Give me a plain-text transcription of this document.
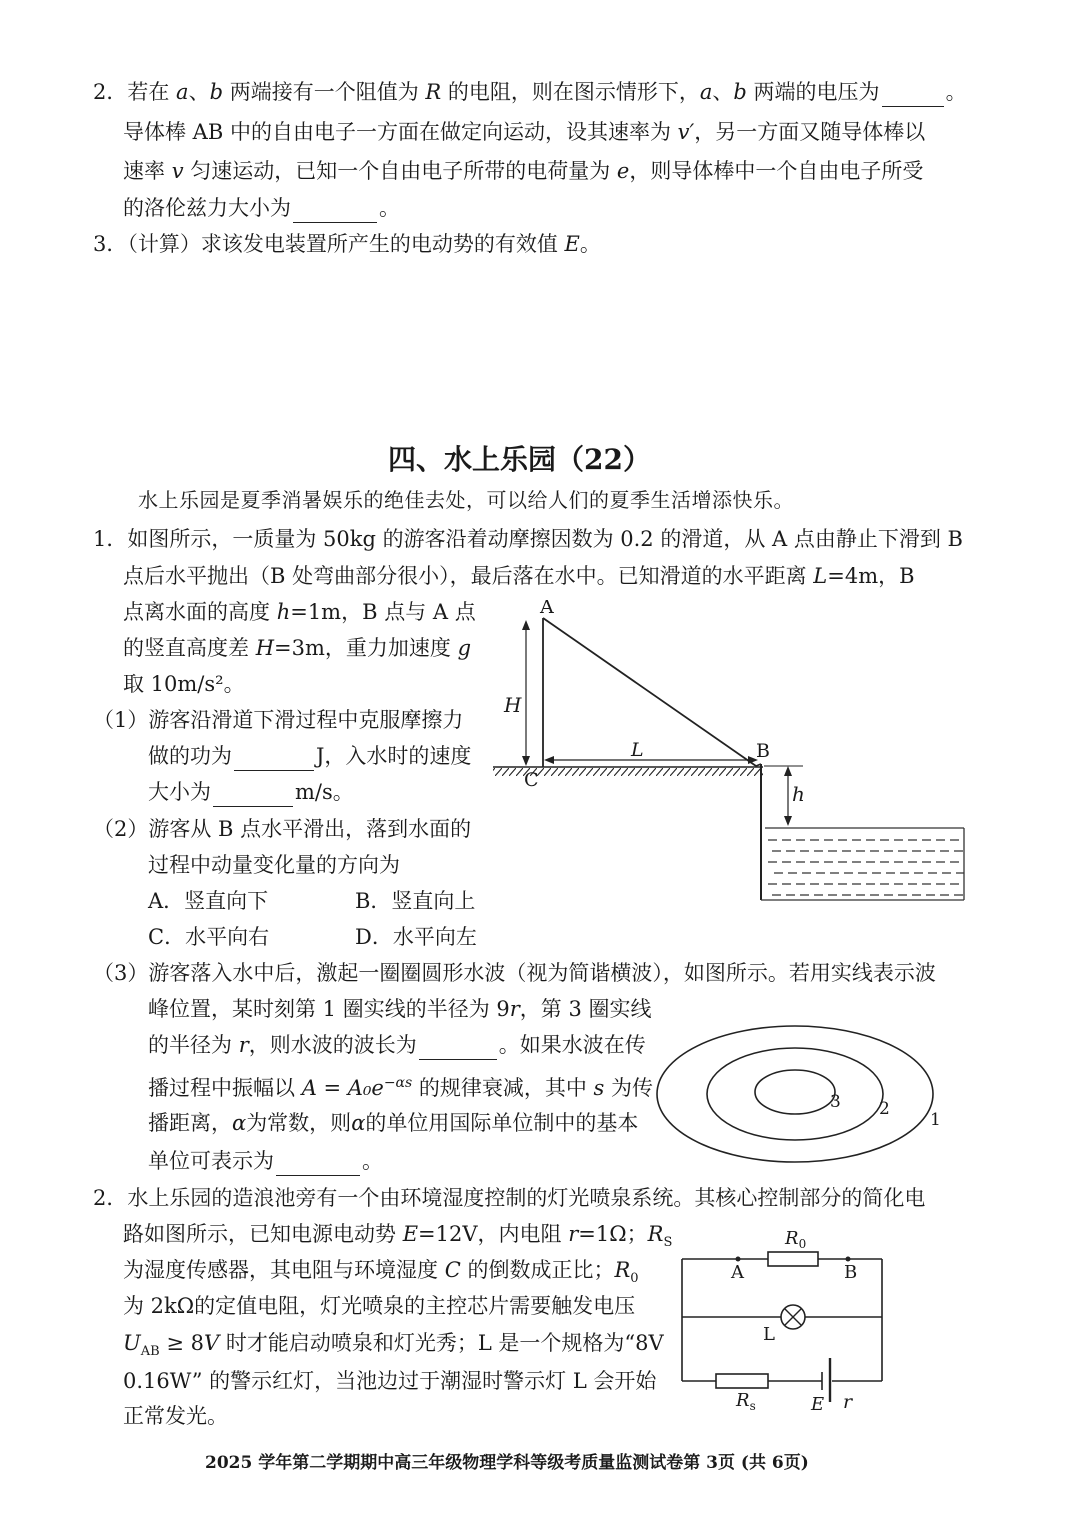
2．若在 a、b 两端接有一个阻值为 R 的电阻，则在图示情形下，a、b 两端的电压为	。
导体棒 AB 中的自由电子一方面在做定向运动，设其速率为 v′，另一方面又随导体棒以
速率 v 匀速运动，已知一个自由电子所带的电荷量为 e，则导体棒中一个自由电子所受
的洛伦兹力大小为	。
3．（计算）求该发电装置所产生的电动势的有效值 E。
四、水上乐园（22）
水上乐园是夏季消暑娱乐的绝佳去处，可以给人们的夏季生活增添快乐。
1．如图所示，一质量为 50kg 的游客沿着动摩擦因数为 0.2 的滑道，从 A 点由静止下滑到 B
点后水平抛出（B 处弯曲部分很小），最后落在水中。已知滑道的水平距离 L=4m，B
点离水面的高度 h=1m，B 点与 A 点
的竖直高度差 H=3m，重力加速度 g
取 10m/s²。
（1）游客沿滑道下滑过程中克服摩擦力
做的功为	J，入水时的速度
大小为	m/s。
（2）游客从 B 点水平滑出，落到水面的
过程中动量变化量的方向为
A．竖直向下	B．竖直向上
C．水平向右	D．水平向左
（3）游客落入水中后，激起一圈圈圆形水波（视为简谐横波），如图所示。若用实线表示波
峰位置，某时刻第 1 圈实线的半径为 9r，第 3 圈实线
的半径为 r，则水波的波长为	。如果水波在传
播过程中振幅以 $A = A_0e^{-\alpha s}$ 的规律衰减，其中 s 为传
播距离，α为常数，则α的单位用国际单位制中的基本
单位可表示为	。
2．水上乐园的造浪池旁有一个由环境湿度控制的灯光喷泉系统。其核心控制部分的简化电
路如图所示，已知电源电动势 E=12V，内电阻 r=1Ω；$R_S$
为湿度传感器，其电阻与环境湿度 C 的倒数成正比；$R_0$
为 2kΩ的定值电阻，灯光喷泉的主控芯片需要触发电压
$U_{AB} \ge 8V$ 时才能启动喷泉和灯光秀；L 是一个规格为“8V
0.16W” 的警示红灯，当池边过于潮湿时警示灯 L 会开始
正常发光。
2025 学年第二学期期中高三年级物理学科等级考质量监测试卷第 3页 (共 6页)
A
B
C
H
L
h
3 2
1
$R_0$
A	B
L
$R_s$	E r
